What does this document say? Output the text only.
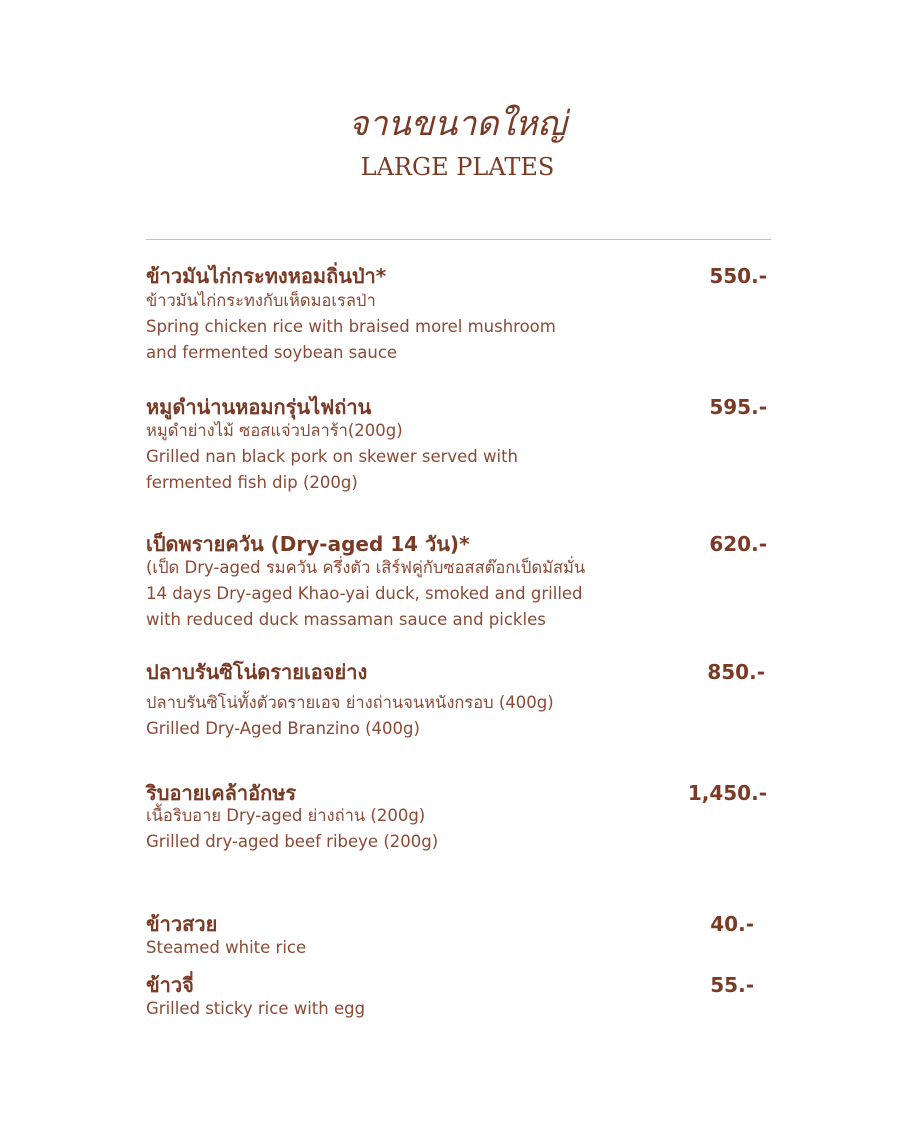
จานขนาดใหญ่
LARGE PLATES
ข้าวมันไก่กระทงหอมถิ่นป่า*	550.-
ข้าวมันไก่กระทงกับเห็ดมอเรลป่า
Spring chicken rice with braised morel mushroom
and fermented soybean sauce
หมูดำน่านหอมกรุ่นไฟถ่าน	595.-
หมูดำย่างไม้ ซอสแจ่วปลาร้า(200g)
Grilled nan black pork on skewer served with
fermented fish dip (200g)
เป็ดพรายควัน (Dry-aged 14 วัน)*	620.-
(เป็ด Dry-aged รมควัน ครึ่งตัว เสิร์ฟคู่กับซอสสต๊อกเป็ดมัสมั่น
14 days Dry-aged Khao-yai duck, smoked and grilled
with reduced duck massaman sauce and pickles
ปลาบรันซิโน่ดรายเอจย่าง	850.-
ปลาบรันซิโน่ทั้งตัวดรายเอจ ย่างถ่านจนหนังกรอบ (400g)
Grilled Dry-Aged Branzino (400g)
ริบอายเคล้าอักษร	1,450.-
เนื้อริบอาย Dry-aged ย่างถ่าน (200g)
Grilled dry-aged beef ribeye (200g)
ข้าวสวย	40.-
Steamed white rice
ข้าวจี่	55.-
Grilled sticky rice with egg
